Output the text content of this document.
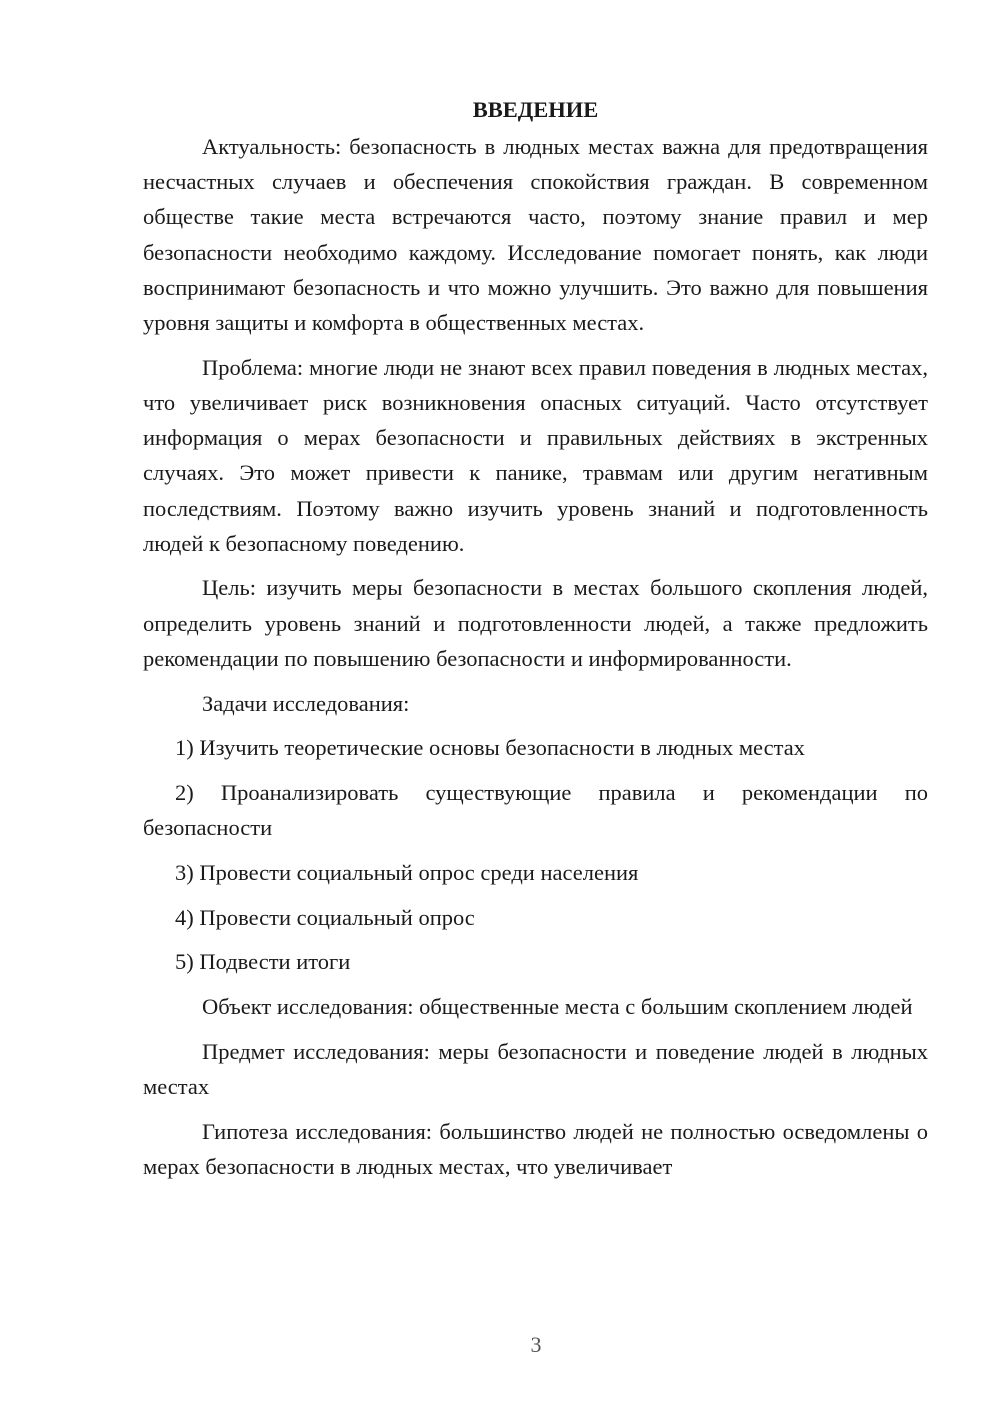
ВВЕДЕНИЕ

Актуальность: безопасность в людных местах важна для предотвращения несчастных случаев и обеспечения спокойствия граждан. В современном обществе такие места встречаются часто, поэтому знание правил и мер безопасности необходимо каждому. Исследование помогает понять, как люди воспринимают безопасность и что можно улучшить. Это важно для повышения уровня защиты и комфорта в общественных местах.

Проблема: многие люди не знают всех правил поведения в людных местах, что увеличивает риск возникновения опасных ситуаций. Часто отсутствует информация о мерах безопасности и правильных действиях в экстренных случаях. Это может привести к панике, травмам или другим негативным последствиям. Поэтому важно изучить уровень знаний и подготовленность людей к безопасному поведению.

Цель: изучить меры безопасности в местах большого скопления людей, определить уровень знаний и подготовленности людей, а также предложить рекомендации по повышению безопасности и информированности.

Задачи исследования:

1) Изучить теоретические основы безопасности в людных местах

2) Проанализировать существующие правила и рекомендации по безопасности

3) Провести социальный опрос среди населения

4) Провести социальный опрос

5) Подвести итоги

Объект исследования: общественные места с большим скоплением людей

Предмет исследования: меры безопасности и поведение людей в людных местах

Гипотеза исследования: большинство людей не полностью осведомлены о мерах безопасности в людных местах, что увеличивает

3
